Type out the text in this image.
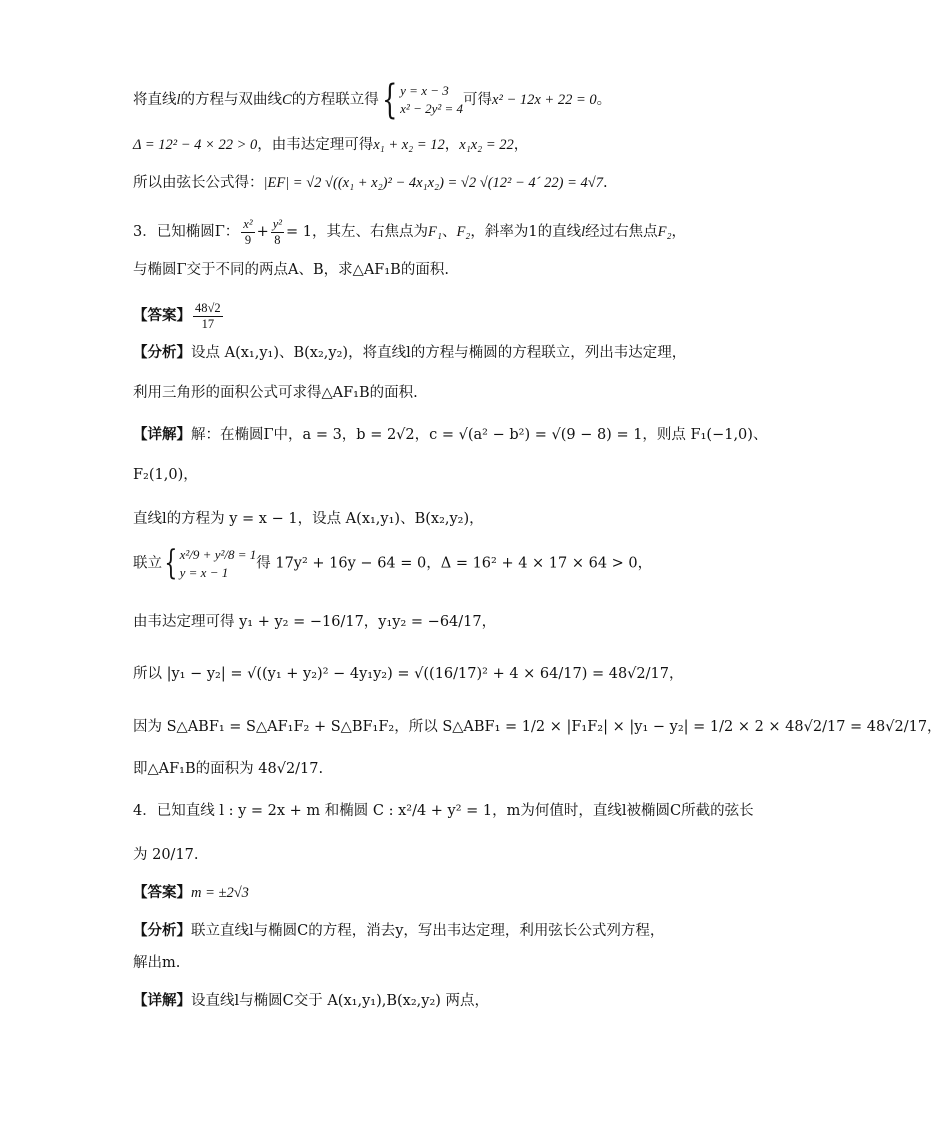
将直线l的方程与双曲线C的方程联立得{ y = x − 3
x² − 2y² = 4
可得x² − 12x + 22 = 0。
Δ = 12² − 4 × 22 > 0，由韦达定理可得x₁ + x₂ = 12，x₁x₂ = 22，
所以由弦长公式得：|EF| = √2 √((x₁ + x₂)² − 4x₁x₂) = √2 √(12² − 4´ 22) = 4√7.
3．已知椭圆Γ： $\frac{\text{x²}}{9} + \frac{\text{y²}}{8} = 1$，其左、右焦点为F₁、F₂，斜率为1的直线l经过右焦点F₂，
与椭圆Γ交于不同的两点A、B，求△AF₁B的面积.
【答案】 $\frac{48√2}{17}$
【分析】设点 A(x₁,y₁)、B(x₂,y₂)，将直线l的方程与椭圆的方程联立，列出韦达定理，
利用三角形的面积公式可求得△AF₁B的面积.
【详解】解：在椭圆Γ中，a = 3，b = 2√2，c = √(a² − b²) = √(9 − 8) = 1，则点 F₁(−1,0)、
F₂(1,0)，
直线l的方程为 y = x − 1，设点 A(x₁,y₁)、B(x₂,y₂)，
联立{ x²/9 + y²/8 = 1
y = x − 1
得 17y² + 16y − 64 = 0，Δ = 16² + 4 × 17 × 64 > 0，
由韦达定理可得 y₁ + y₂ = −16/17，y₁y₂ = −64/17，
所以 |y₁ − y₂| = √((y₁ + y₂)² − 4y₁y₂) = √((16/17)² + 4 × 64/17) = 48√2/17，
因为 S△ABF₁ = S△AF₁F₂ + S△BF₁F₂，所以 S△ABF₁ = 1/2 × |F₁F₂| × |y₁ − y₂| = 1/2 × 2 × 48√2/17 = 48√2/17，
即△AF₁B的面积为 48√2/17.
4．已知直线 l : y = 2x + m 和椭圆 C : x²/4 + y² = 1，m为何值时，直线l被椭圆C所截的弦长
为 20/17.
【答案】m = ±2√3
【分析】联立直线l与椭圆C的方程，消去y，写出韦达定理，利用弦长公式列方程，
解出m.
【详解】设直线l与椭圆C交于 A(x₁,y₁),B(x₂,y₂) 两点，
